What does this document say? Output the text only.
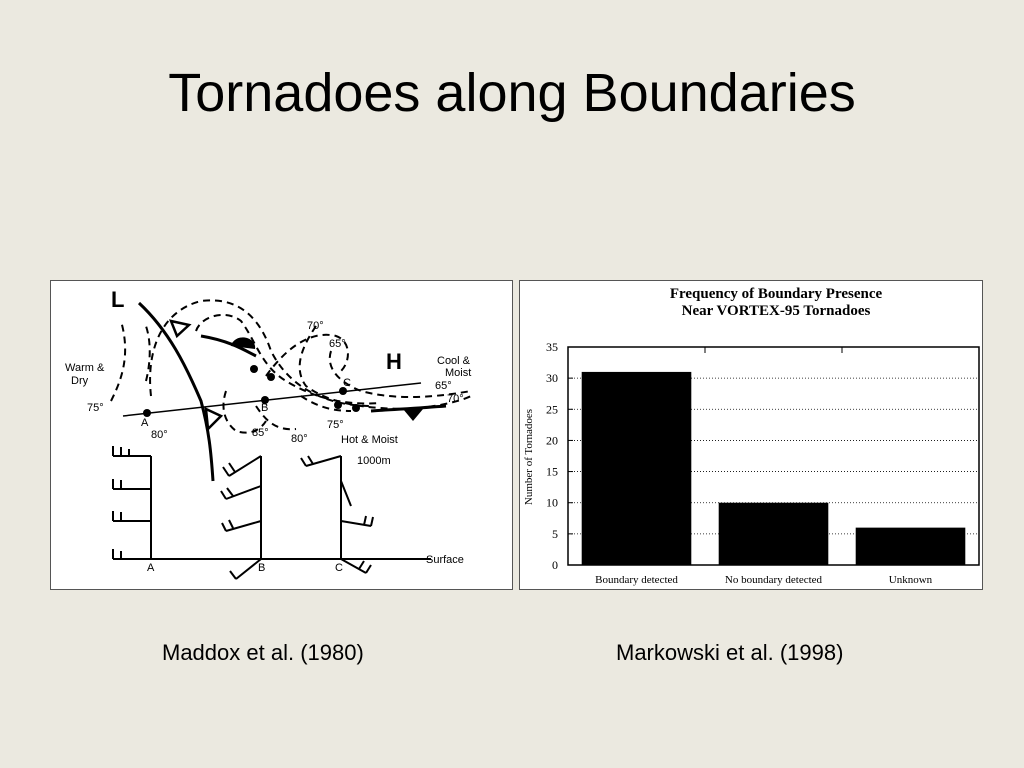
Tornadoes along Boundaries
L
H
Warm &
Dry
Cool &
Moist
Hot & Moist
1000m
70°
65°
65°
70°
75°
75°
80°	85° 80°
A
B
C
A	B	C
Surface
Frequency of Boundary Presence
Near VORTEX-95 Tornadoes
Number of Tornadoes
0
5
10
15
20
25
30
35
Boundary detected	No boundary detected	Unknown
Maddox et al. (1980)	Markowski et al. (1998)
